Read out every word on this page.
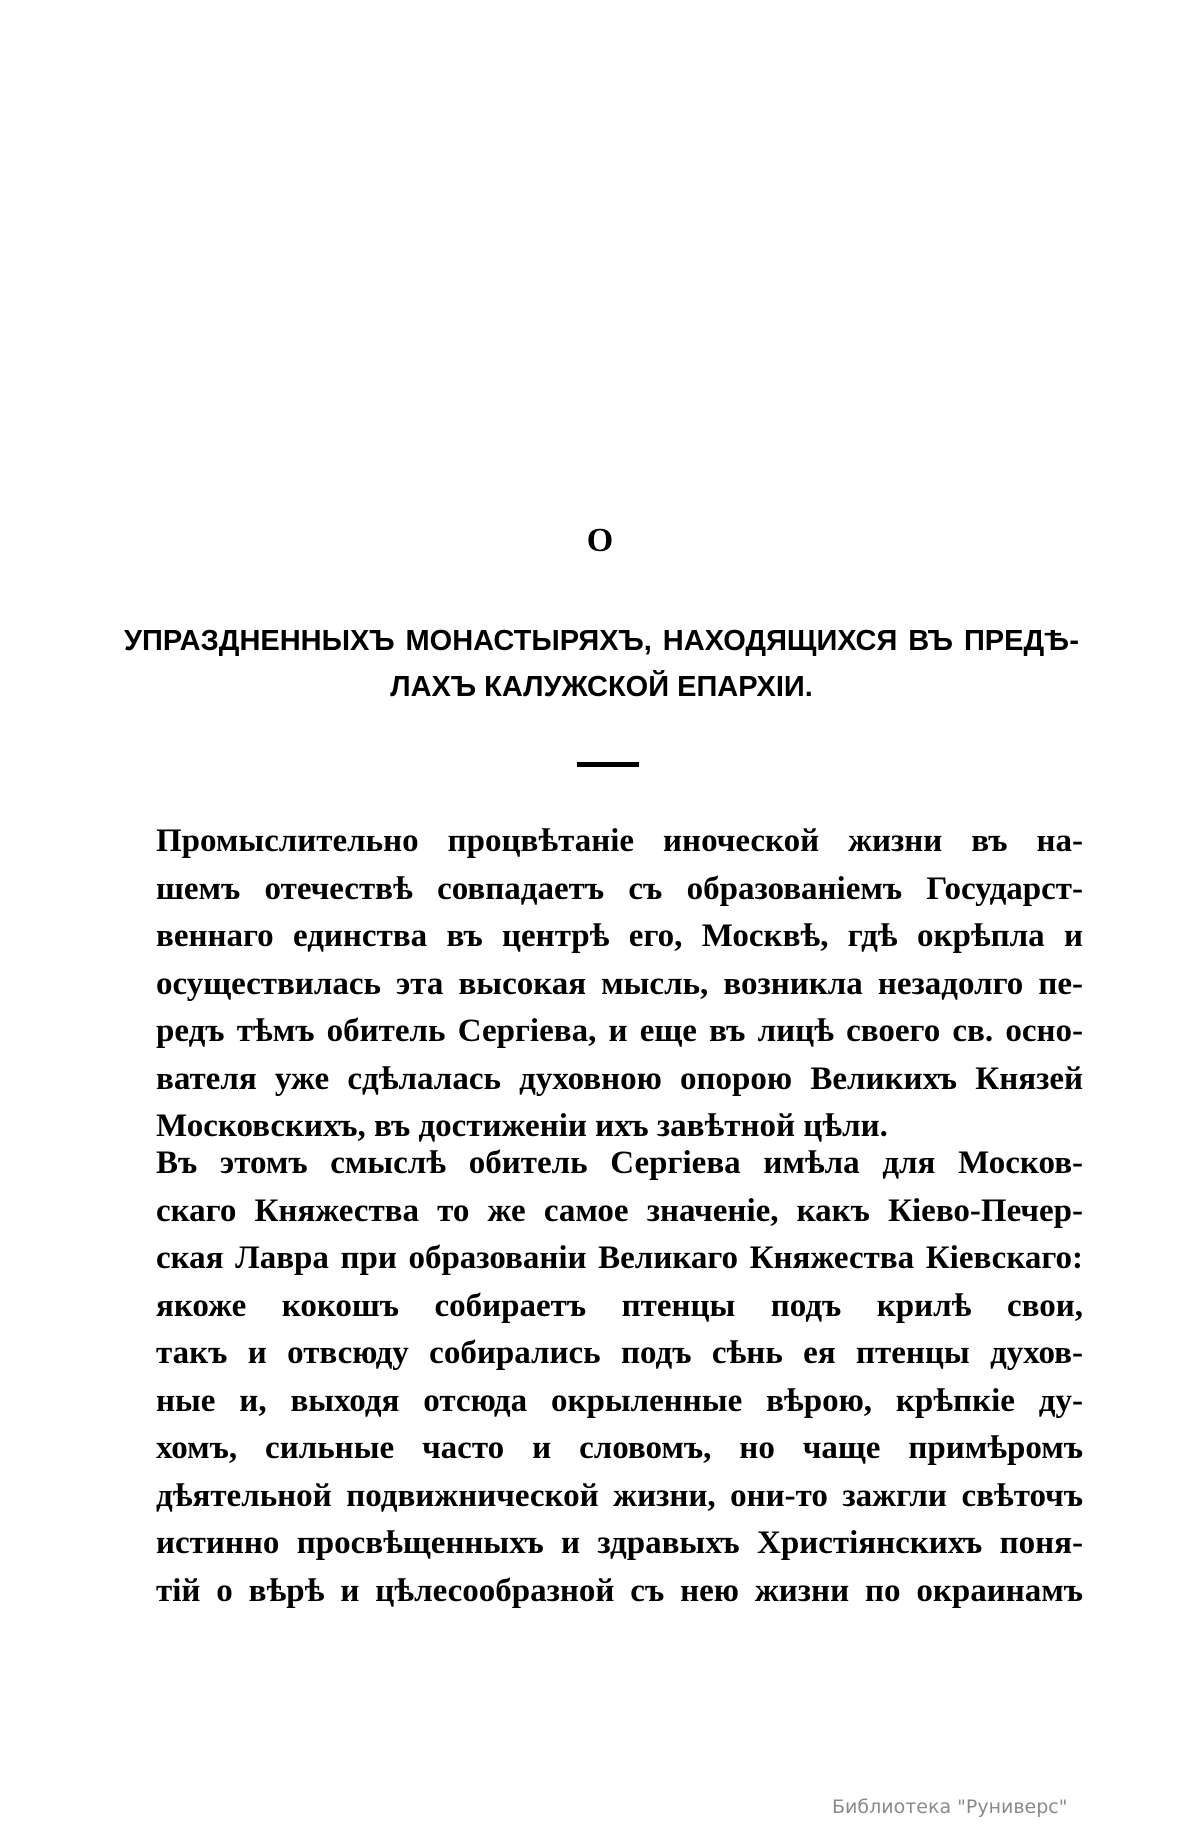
О
УПРАЗДНЕННЫХЪ МОНАСТЫРЯХЪ, НАХОДЯЩИХСЯ ВЪ ПРЕДѢ-
ЛАХЪ КАЛУЖСКОЙ ЕПАРХІИ.
Промыслительно процвѣтаніе иноческой жизни въ на-
шемъ отечествѣ совпадаетъ съ образованіемъ Государст-
веннаго единства въ центрѣ его, Москвѣ, гдѣ окрѣпла и
осуществилась эта высокая мысль, возникла незадолго пе-
редъ тѣмъ обитель Сергіева, и еще въ лицѣ своего св. осно-
вателя уже сдѣлалась духовною опорою Великихъ Князей
Московскихъ, въ достиженіи ихъ завѣтной цѣли.
Въ этомъ смыслѣ обитель Сергіева имѣла для Москов-
скаго Княжества то же самое значеніе, какъ Кіево-Печер-
ская Лавра при образованіи Великаго Княжества Кіевскаго:
якоже кокошъ собираетъ птенцы подъ крилѣ свои,
такъ и отвсюду собирались подъ сѣнь ея птенцы духов-
ные и, выходя отсюда окрыленные вѣрою, крѣпкіе ду-
хомъ, сильные часто и словомъ, но чаще примѣромъ
дѣятельной подвижнической жизни, они-то зажгли свѣточъ
истинно просвѣщенныхъ и здравыхъ Христіянскихъ поня-
тій о вѣрѣ и цѣлесообразной съ нею жизни по окраинамъ
Библиотека "Руниверс"
